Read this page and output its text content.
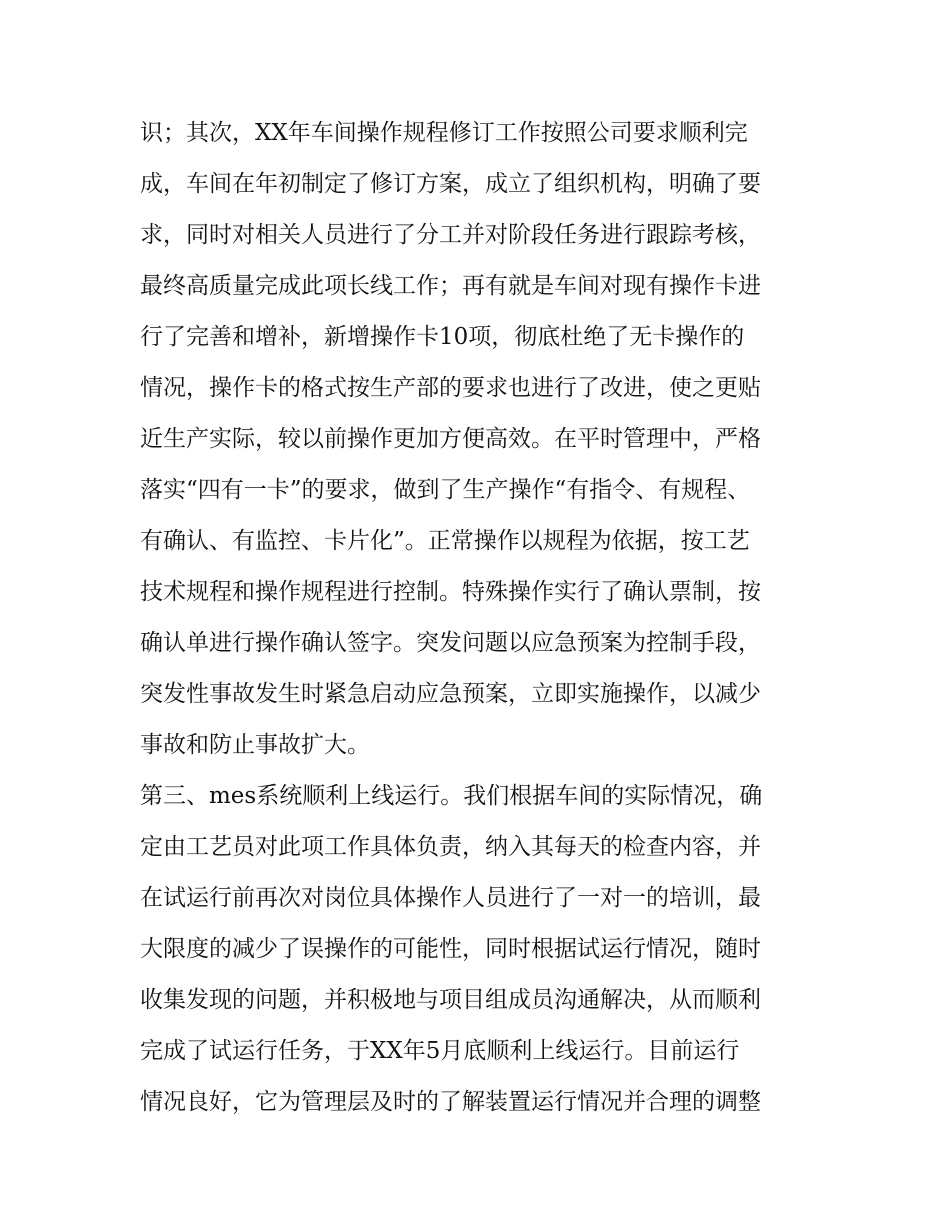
识；其次，XX年车间操作规程修订工作按照公司要求顺利完
成，车间在年初制定了修订方案，成立了组织机构，明确了要
求，同时对相关人员进行了分工并对阶段任务进行跟踪考核，
最终高质量完成此项长线工作；再有就是车间对现有操作卡进
行了完善和增补，新增操作卡10项，彻底杜绝了无卡操作的
情况，操作卡的格式按生产部的要求也进行了改进，使之更贴
近生产实际，较以前操作更加方便高效。在平时管理中，严格
落实“四有一卡”的要求，做到了生产操作“有指令、有规程、
有确认、有监控、卡片化”。正常操作以规程为依据，按工艺
技术规程和操作规程进行控制。特殊操作实行了确认票制，按
确认单进行操作确认签字。突发问题以应急预案为控制手段，
突发性事故发生时紧急启动应急预案，立即实施操作，以减少
事故和防止事故扩大。
第三、mes系统顺利上线运行。我们根据车间的实际情况，确
定由工艺员对此项工作具体负责，纳入其每天的检查内容，并
在试运行前再次对岗位具体操作人员进行了一对一的培训，最
大限度的减少了误操作的可能性，同时根据试运行情况，随时
收集发现的问题，并积极地与项目组成员沟通解决，从而顺利
完成了试运行任务，于XX年5月底顺利上线运行。目前运行
情况良好，它为管理层及时的了解装置运行情况并合理的调整
